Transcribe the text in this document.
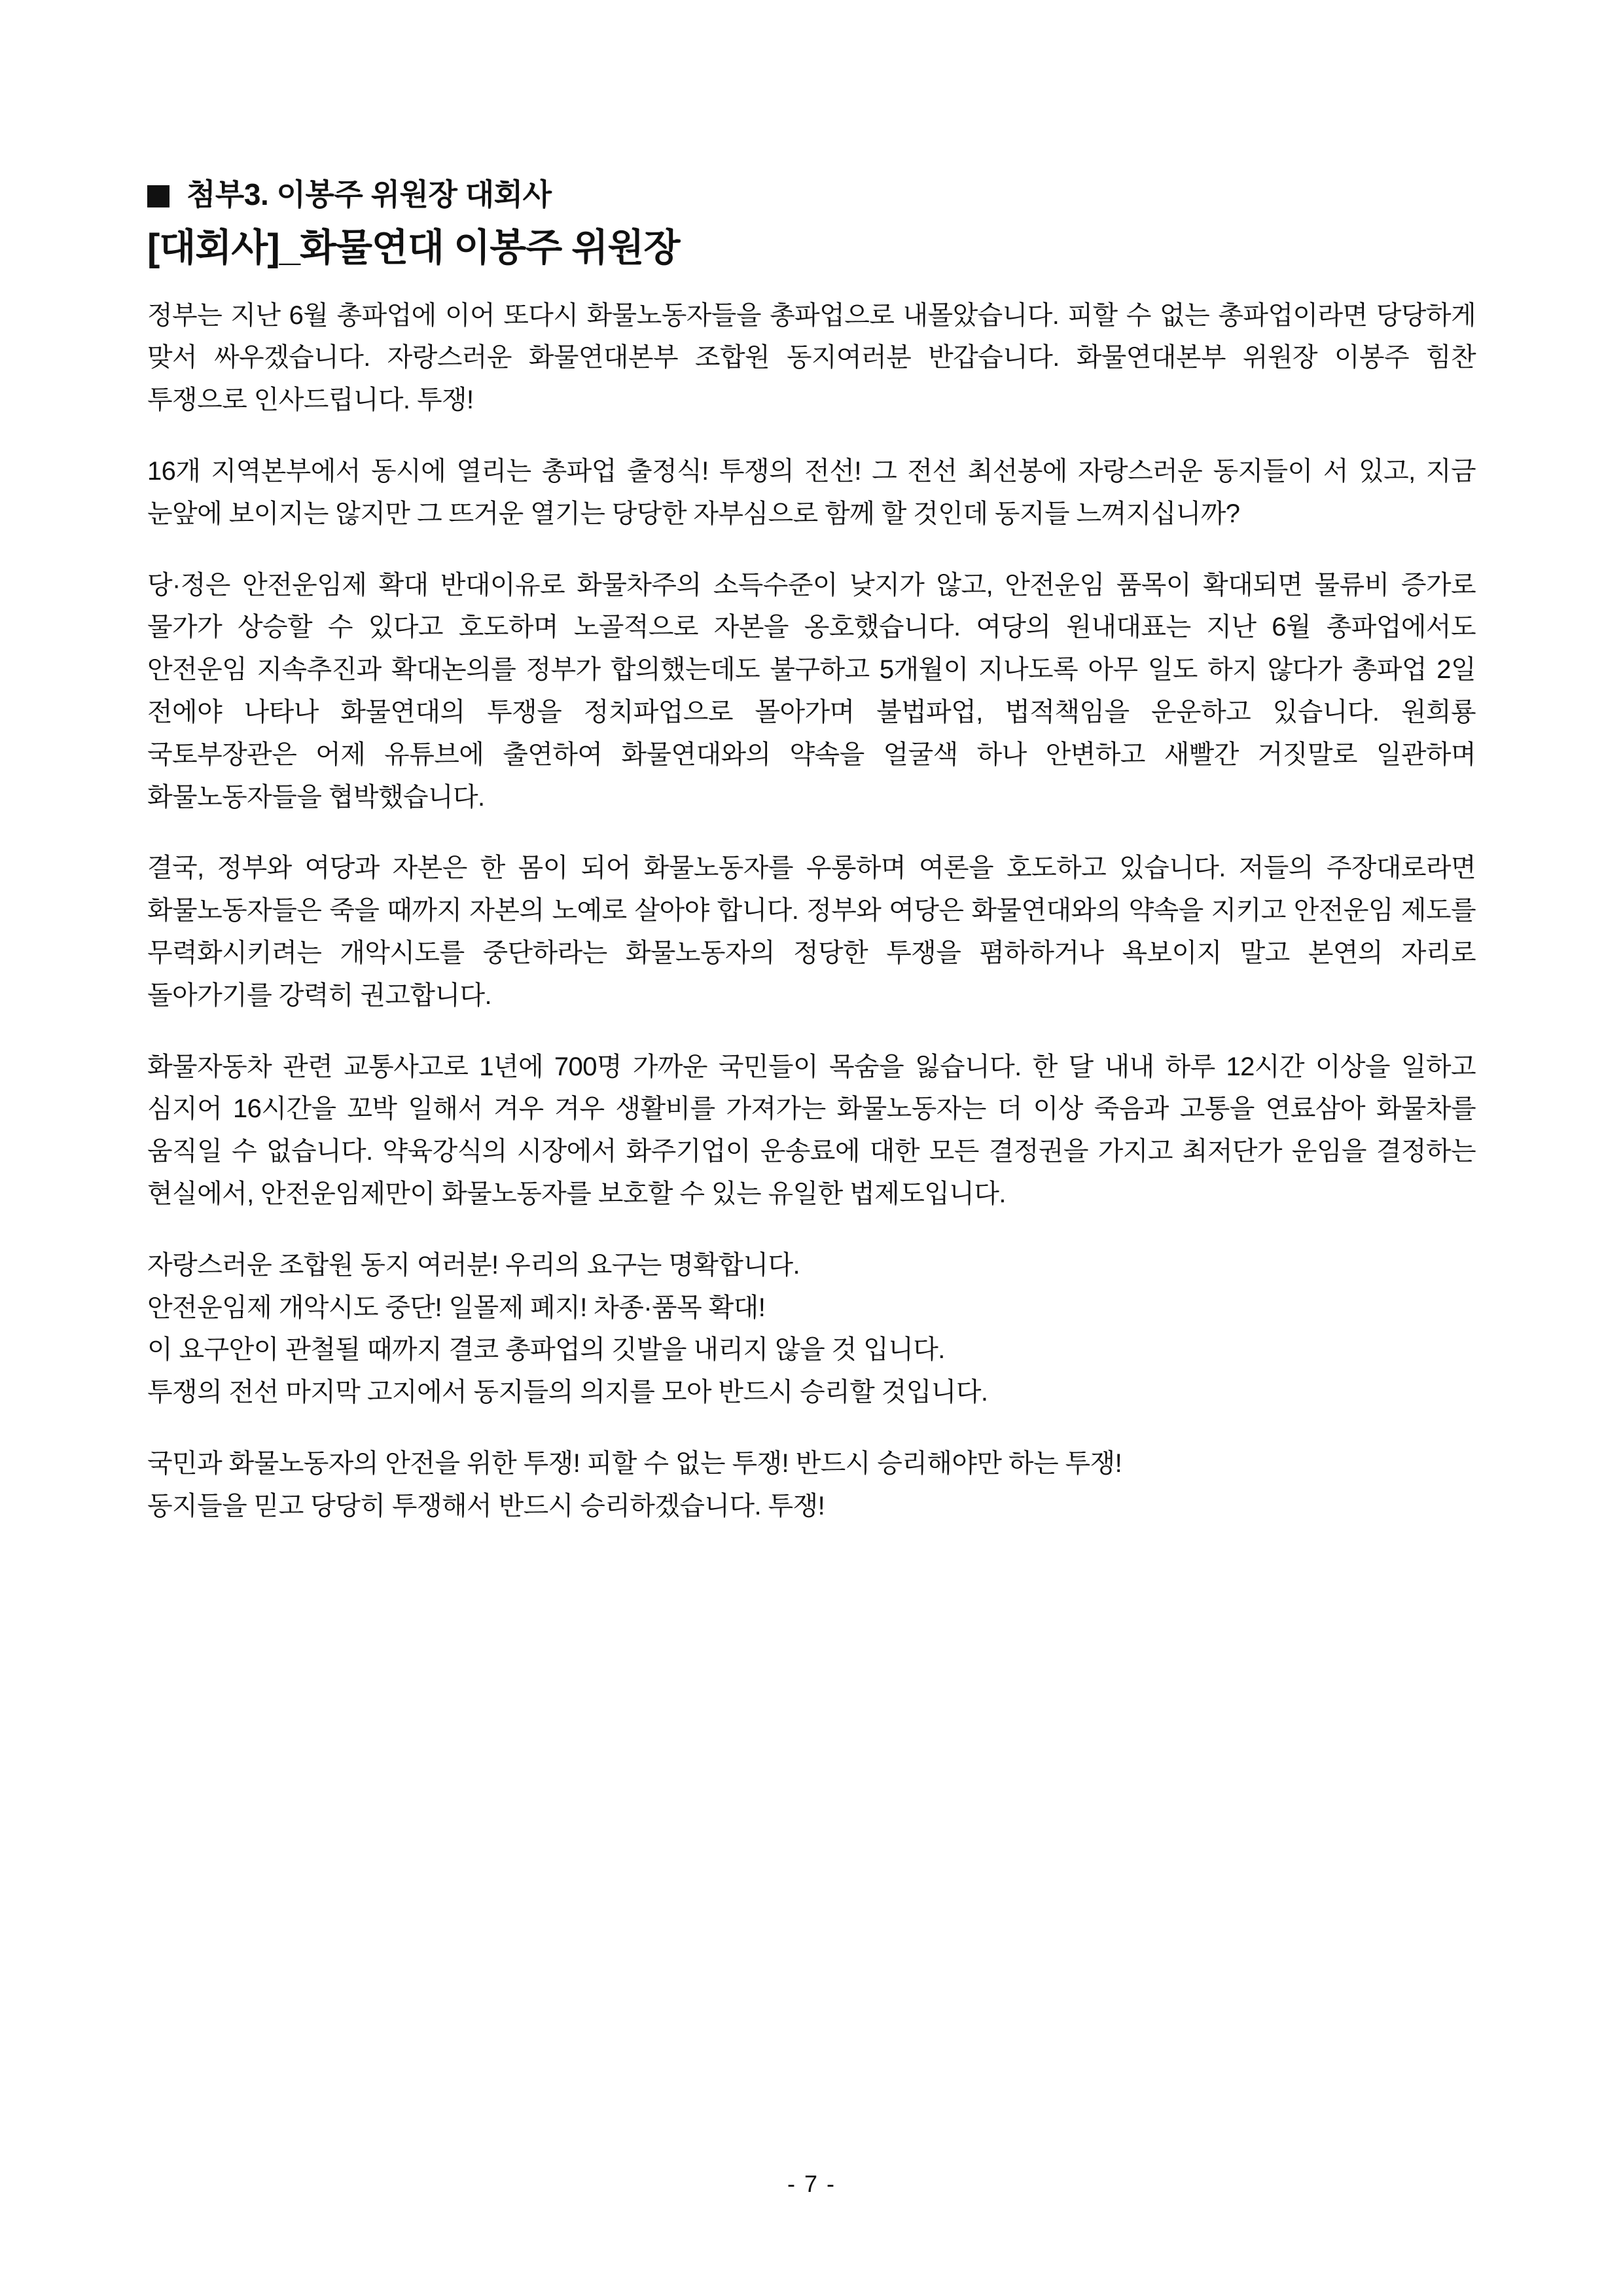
첨부3. 이봉주 위원장 대회사
[대회사]_화물연대 이봉주 위원장

정부는 지난 6월 총파업에 이어 또다시 화물노동자들을 총파업으로 내몰았습니다. 피할 수 없는 총파업이라면 당당하게 맞서 싸우겠습니다. 자랑스러운 화물연대본부 조합원 동지여러분 반갑습니다. 화물연대본부 위원장 이봉주 힘찬 투쟁으로 인사드립니다. 투쟁!

16개 지역본부에서 동시에 열리는 총파업 출정식! 투쟁의 전선! 그 전선 최선봉에 자랑스러운 동지들이 서 있고, 지금 눈앞에 보이지는 않지만 그 뜨거운 열기는 당당한 자부심으로 함께 할 것인데 동지들 느껴지십니까?

당·정은 안전운임제 확대 반대이유로 화물차주의 소득수준이 낮지가 않고, 안전운임 품목이 확대되면 물류비 증가로 물가가 상승할 수 있다고 호도하며 노골적으로 자본을 옹호했습니다. 여당의 원내대표는 지난 6월 총파업에서도 안전운임 지속추진과 확대논의를 정부가 합의했는데도 불구하고 5개월이 지나도록 아무 일도 하지 않다가 총파업 2일 전에야 나타나 화물연대의 투쟁을 정치파업으로 몰아가며 불법파업, 법적책임을 운운하고 있습니다. 원희룡 국토부장관은 어제 유튜브에 출연하여 화물연대와의 약속을 얼굴색 하나 안변하고 새빨간 거짓말로 일관하며 화물노동자들을 협박했습니다.

결국, 정부와 여당과 자본은 한 몸이 되어 화물노동자를 우롱하며 여론을 호도하고 있습니다. 저들의 주장대로라면 화물노동자들은 죽을 때까지 자본의 노예로 살아야 합니다. 정부와 여당은 화물연대와의 약속을 지키고 안전운임 제도를 무력화시키려는 개악시도를 중단하라는 화물노동자의 정당한 투쟁을 폄하하거나 욕보이지 말고 본연의 자리로 돌아가기를 강력히 권고합니다.

화물자동차 관련 교통사고로 1년에 700명 가까운 국민들이 목숨을 잃습니다. 한 달 내내 하루 12시간 이상을 일하고 심지어 16시간을 꼬박 일해서 겨우 겨우 생활비를 가져가는 화물노동자는 더 이상 죽음과 고통을 연료삼아 화물차를 움직일 수 없습니다. 약육강식의 시장에서 화주기업이 운송료에 대한 모든 결정권을 가지고 최저단가 운임을 결정하는 현실에서, 안전운임제만이 화물노동자를 보호할 수 있는 유일한 법제도입니다.

자랑스러운 조합원 동지 여러분! 우리의 요구는 명확합니다.
안전운임제 개악시도 중단! 일몰제 폐지! 차종·품목 확대!
이 요구안이 관철될 때까지 결코 총파업의 깃발을 내리지 않을 것 입니다.
투쟁의 전선 마지막 고지에서 동지들의 의지를 모아 반드시 승리할 것입니다.

국민과 화물노동자의 안전을 위한 투쟁! 피할 수 없는 투쟁! 반드시 승리해야만 하는 투쟁!
동지들을 믿고 당당히 투쟁해서 반드시 승리하겠습니다. 투쟁!

- 7 -
